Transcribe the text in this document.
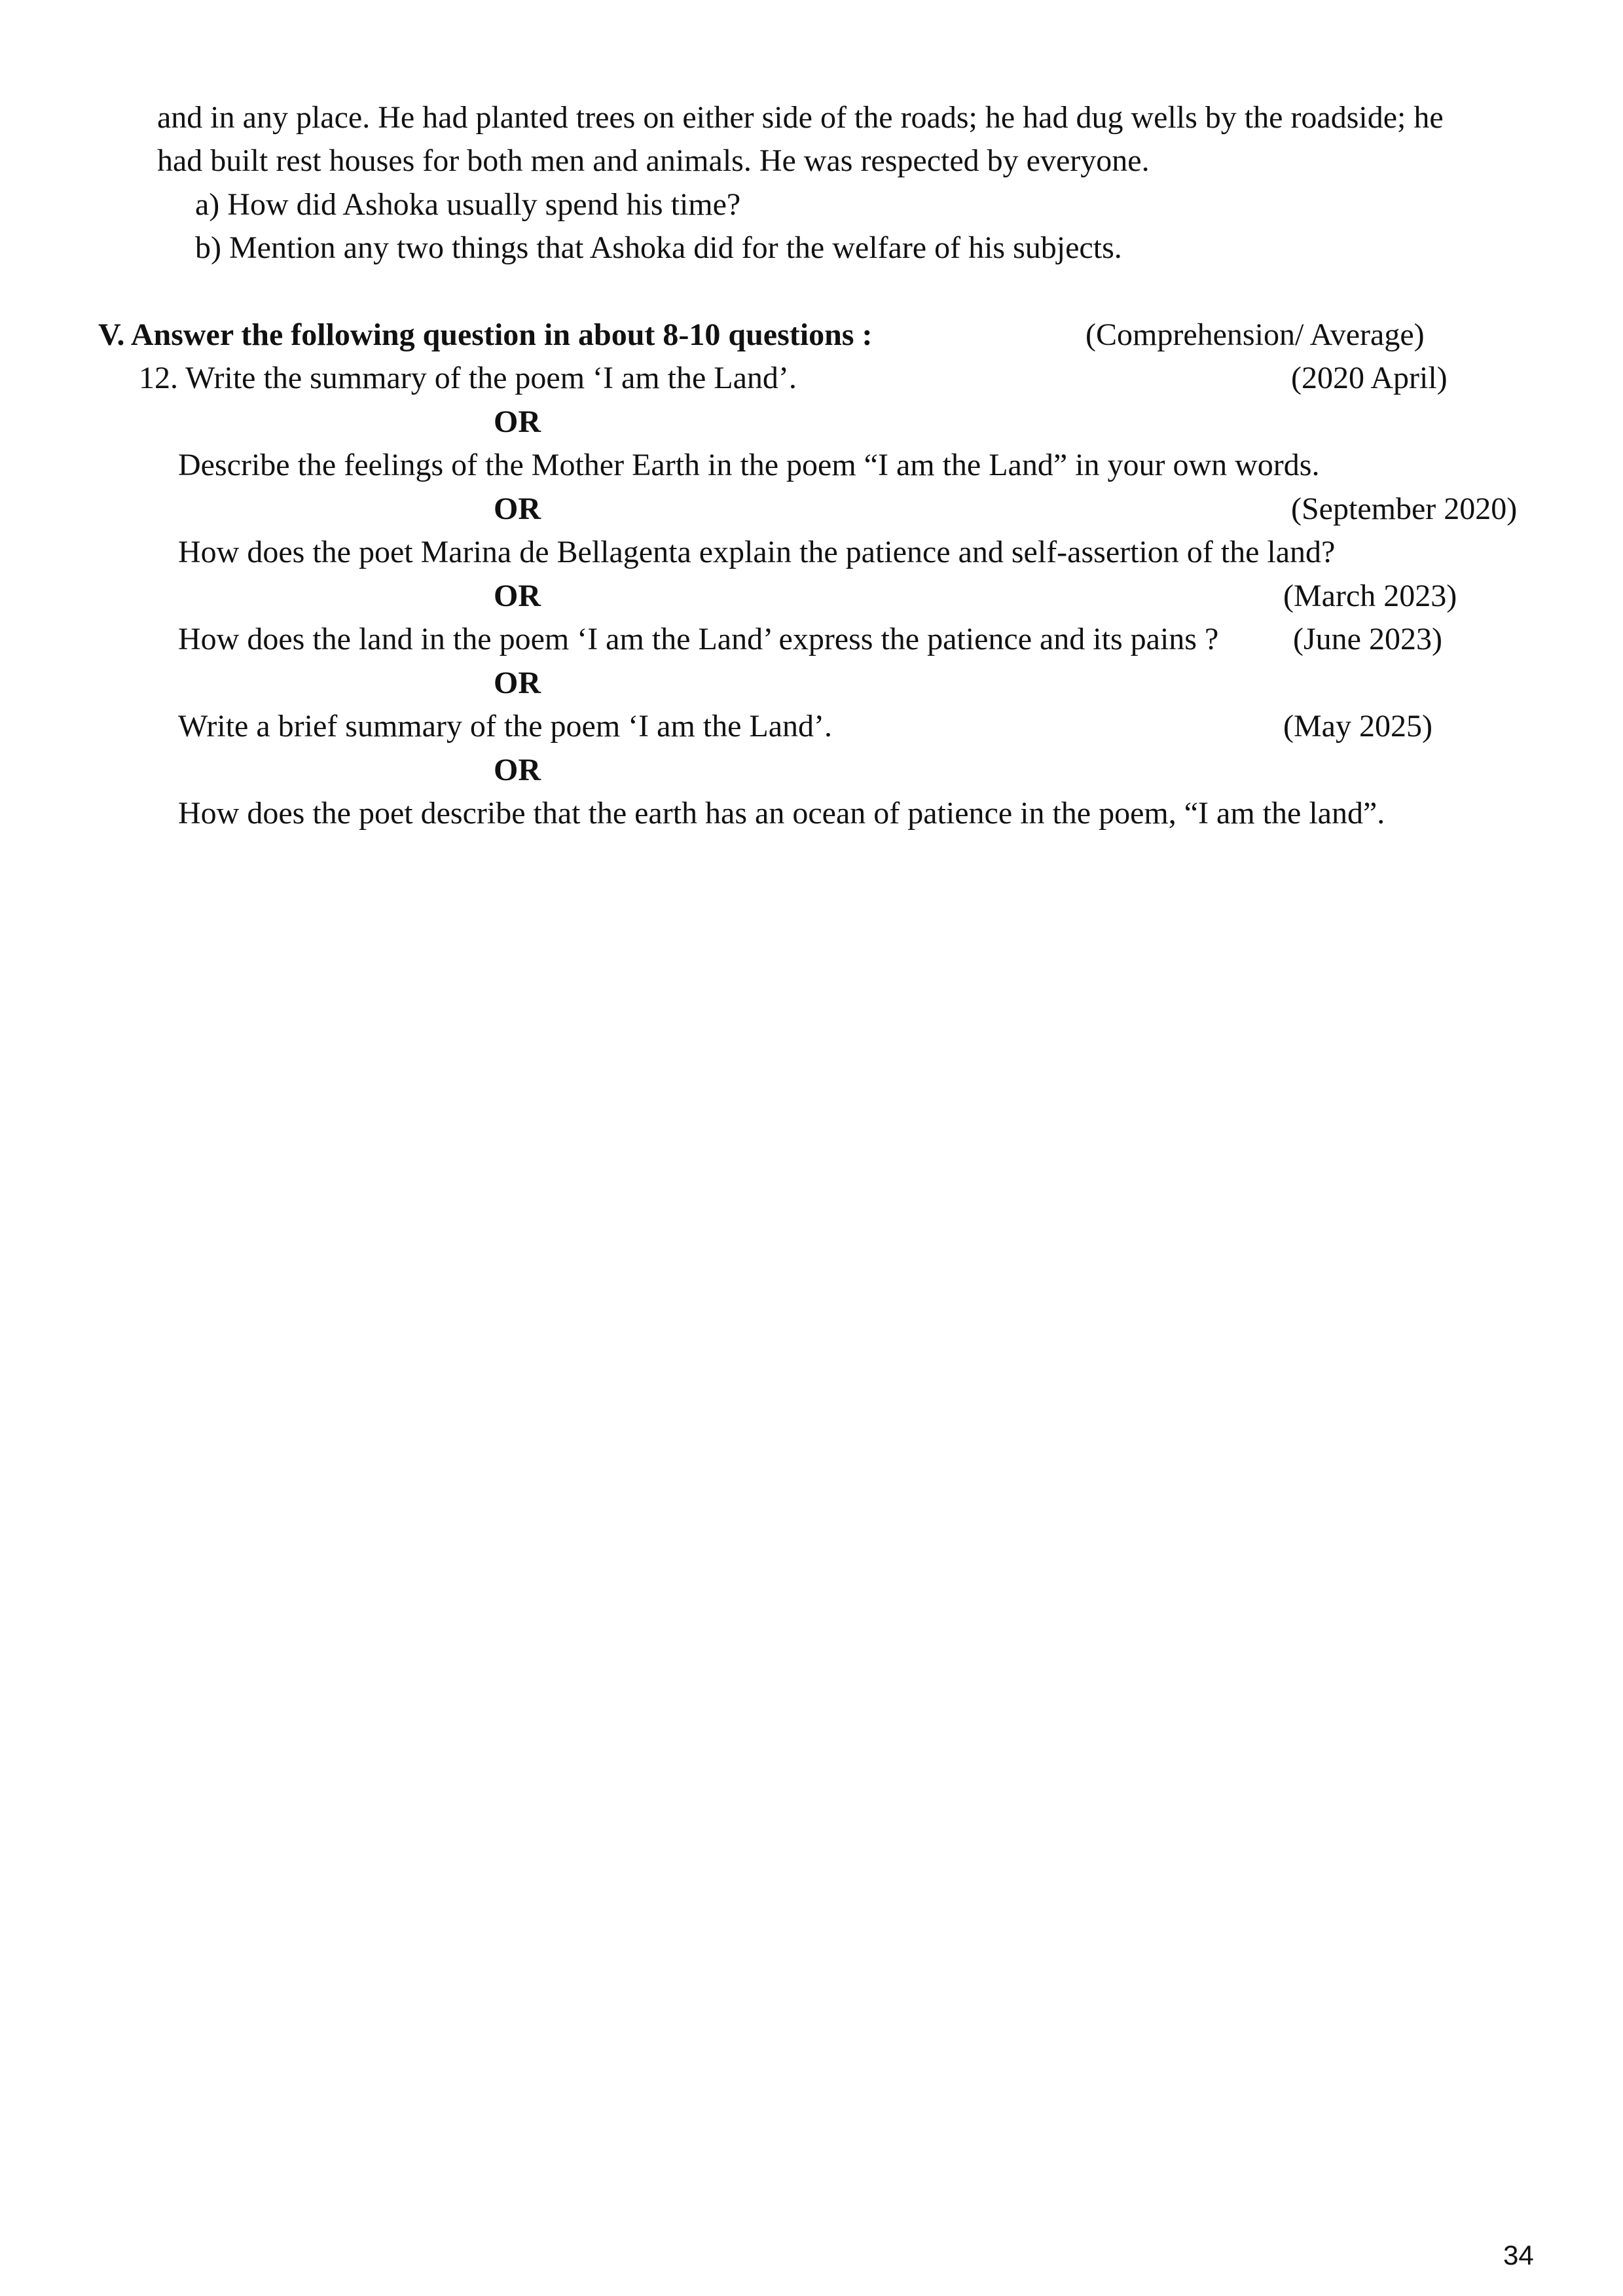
and in any place. He had planted trees on either side of the roads; he had dug wells by the roadside; he
had built rest houses for both men and animals. He was respected by everyone.
a) How did Ashoka usually spend his time?
b) Mention any two things that Ashoka did for the welfare of his subjects.
V. Answer the following question in about 8-10 questions :	(Comprehension/ Average)
12. Write the summary of the poem ‘I am the Land’.	(2020 April)
OR
Describe the feelings of the Mother Earth in the poem “I am the Land” in your own words.
OR	(September 2020)
How does the poet Marina de Bellagenta explain the patience and self-assertion of the land?
OR	(March 2023)
How does the land in the poem ‘I am the Land’ express the patience and its pains ? (June 2023)
OR
Write a brief summary of the poem ‘I am the Land’.	(May 2025)
OR
How does the poet describe that the earth has an ocean of patience in the poem, “I am the land”.
34
